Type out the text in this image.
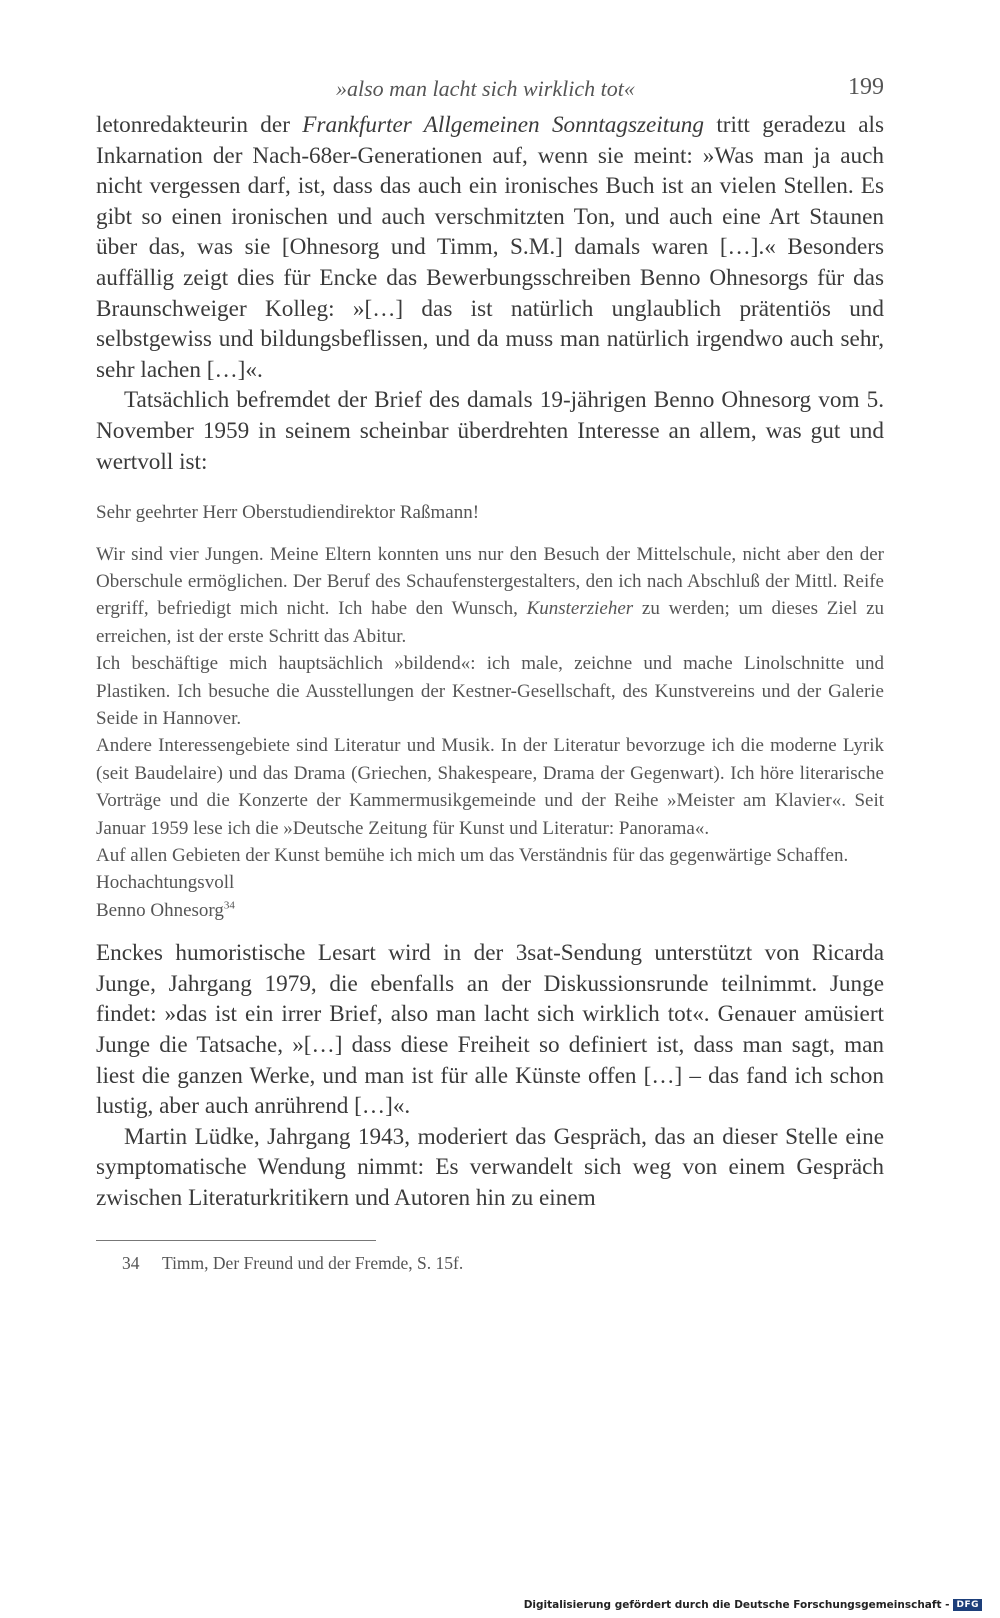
»also man lacht sich wirklich tot«	199

letonredakteurin der Frankfurter Allgemeinen Sonntagszeitung tritt geradezu als Inkarnation der Nach-68er-Generationen auf, wenn sie meint: »Was man ja auch nicht vergessen darf, ist, dass das auch ein ironisches Buch ist an vielen Stellen. Es gibt so einen ironischen und auch verschmitzten Ton, und auch eine Art Staunen über das, was sie [Ohnesorg und Timm, S.M.] damals waren […].« Besonders auffällig zeigt dies für Encke das Bewerbungsschreiben Benno Ohnesorgs für das Braunschweiger Kolleg: »[…] das ist natürlich unglaublich prätentiös und selbstgewiss und bildungsbeflissen, und da muss man natürlich irgendwo auch sehr, sehr lachen […]«.

Tatsächlich befremdet der Brief des damals 19-jährigen Benno Ohnesorg vom 5. November 1959 in seinem scheinbar überdrehten Interesse an allem, was gut und wertvoll ist:

Sehr geehrter Herr Oberstudiendirektor Raßmann!

Wir sind vier Jungen. Meine Eltern konnten uns nur den Besuch der Mittelschule, nicht aber den der Oberschule ermöglichen. Der Beruf des Schaufenstergestalters, den ich nach Abschluß der Mittl. Reife ergriff, befriedigt mich nicht. Ich habe den Wunsch, Kunsterzieher zu werden; um dieses Ziel zu erreichen, ist der erste Schritt das Abitur.

Ich beschäftige mich hauptsächlich »bildend«: ich male, zeichne und mache Linolschnitte und Plastiken. Ich besuche die Ausstellungen der Kestner-Gesellschaft, des Kunstvereins und der Galerie Seide in Hannover.

Andere Interessengebiete sind Literatur und Musik. In der Literatur bevorzuge ich die moderne Lyrik (seit Baudelaire) und das Drama (Griechen, Shakespeare, Drama der Gegenwart). Ich höre literarische Vorträge und die Konzerte der Kammermusikgemeinde und der Reihe »Meister am Klavier«. Seit Januar 1959 lese ich die »Deutsche Zeitung für Kunst und Literatur: Panorama«.

Auf allen Gebieten der Kunst bemühe ich mich um das Verständnis für das gegenwärtige Schaffen.

Hochachtungsvoll

Benno Ohnesorg$^{34}$

Enckes humoristische Lesart wird in der 3sat-Sendung unterstützt von Ricarda Junge, Jahrgang 1979, die ebenfalls an der Diskussionsrunde teilnimmt. Junge findet: »das ist ein irrer Brief, also man lacht sich wirklich tot«. Genauer amüsiert Junge die Tatsache, »[…] dass diese Freiheit so definiert ist, dass man sagt, man liest die ganzen Werke, und man ist für alle Künste offen […] – das fand ich schon lustig, aber auch anrührend […]«.

Martin Lüdke, Jahrgang 1943, moderiert das Gespräch, das an dieser Stelle eine symptomatische Wendung nimmt: Es verwandelt sich weg von einem Gespräch zwischen Literaturkritikern und Autoren hin zu einem

34 Timm, Der Freund und der Fremde, S. 15f.
Digitalisierung gefördert durch die Deutsche Forschungsgemeinschaft - DFG
